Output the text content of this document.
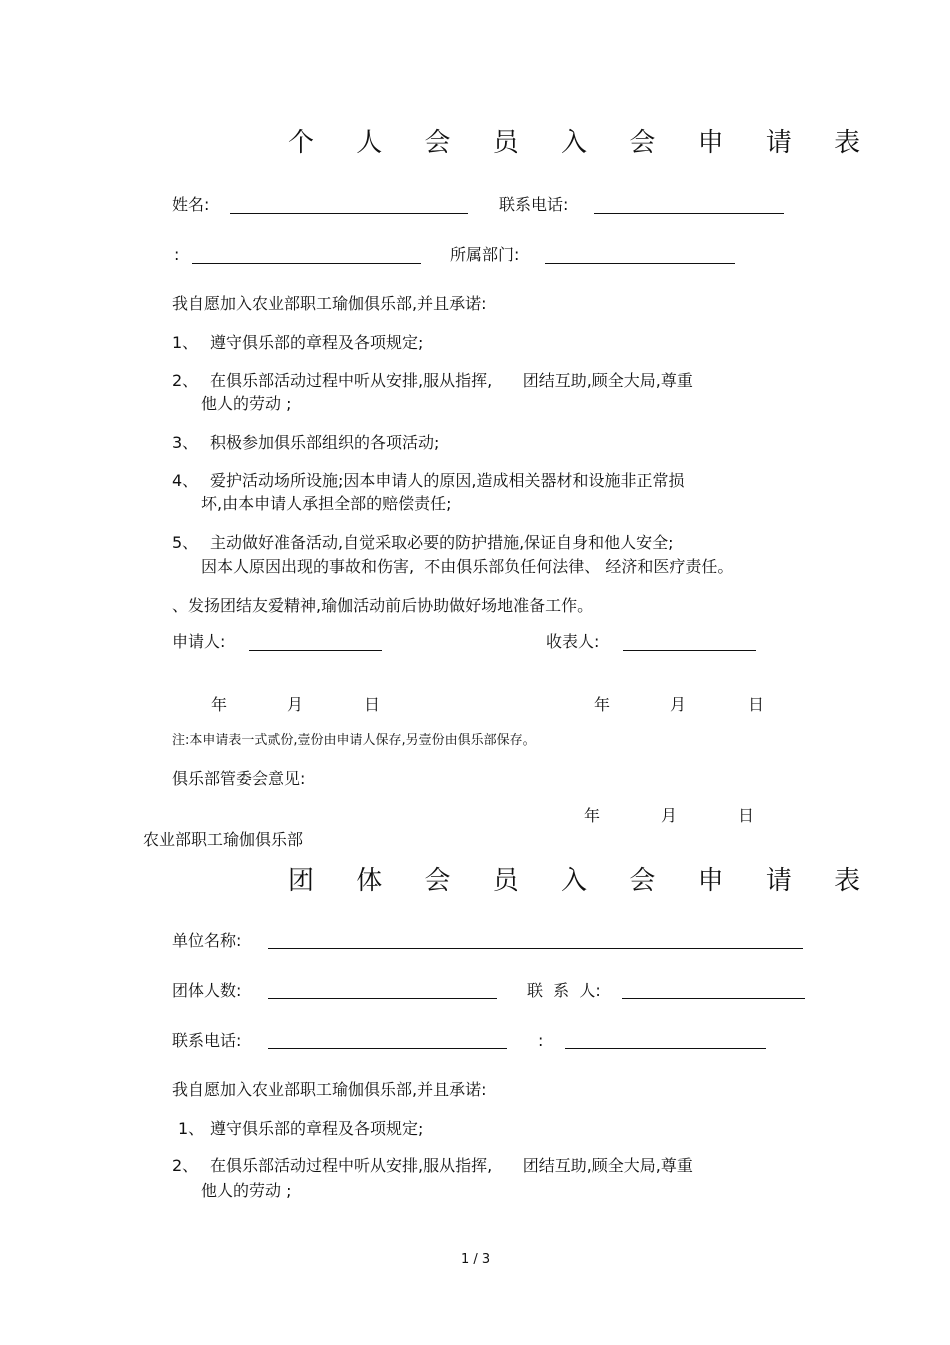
个 人 会 员 入 会 申 请 表
姓名:	联系电话:
:	所属部门:
我自愿加入农业部职工瑜伽俱乐部,并且承诺:
1、 遵守俱乐部的章程及各项规定;
2、 在俱乐部活动过程中听从安排,服从指挥,      团结互助,顾全大局,尊重
他人的劳动 ;
3、 积极参加俱乐部组织的各项活动;
4、 爱护活动场所设施;因本申请人的原因,造成相关器材和设施非正常损
坏,由本申请人承担全部的赔偿责任;
5、 主动做好准备活动,自觉采取必要的防护措施,保证自身和他人安全;
因本人原因出现的事故和伤害,  不由俱乐部负任何法律、 经济和医疗责任。
、发扬团结友爱精神,瑜伽活动前后协助做好场地准备工作。
申请人:	收表人:
年	月	日	年	月	日
注:本申请表一式贰份,壹份由申请人保存,另壹份由俱乐部保存。
俱乐部管委会意见:
年	月	日
农业部职工瑜伽俱乐部
团 体 会 员 入 会 申 请 表
单位名称:
团体人数:	联  系  人:
联系电话:	:
我自愿加入农业部职工瑜伽俱乐部,并且承诺:
1、 遵守俱乐部的章程及各项规定;
2、 在俱乐部活动过程中听从安排,服从指挥,      团结互助,顾全大局,尊重
他人的劳动 ;
1 / 3
